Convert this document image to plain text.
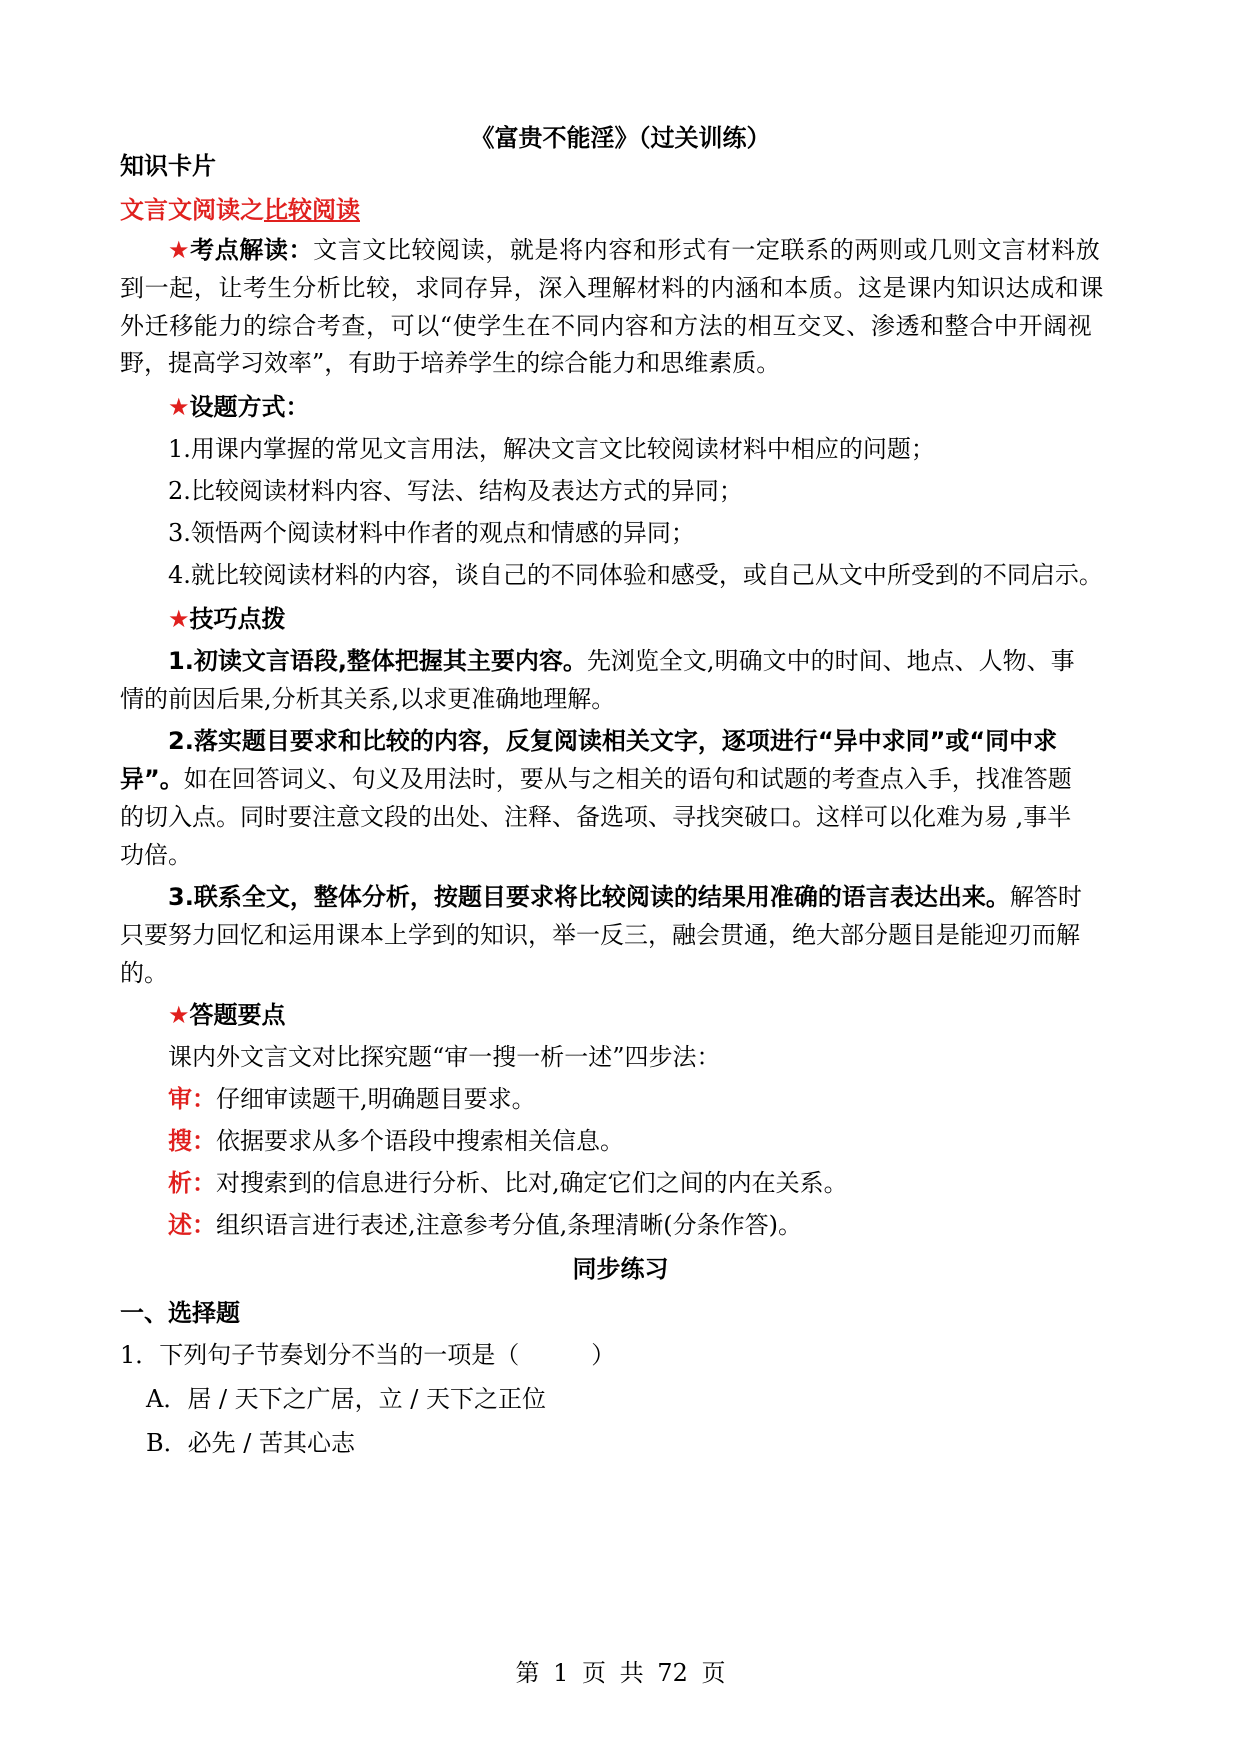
《富贵不能淫》（过关训练）
知识卡片
文言文阅读之比较阅读
★考点解读：文言文比较阅读，就是将内容和形式有一定联系的两则或几则文言材料放
到一起，让考生分析比较，求同存异，深入理解材料的内涵和本质。这是课内知识达成和课
外迁移能力的综合考查，可以“使学生在不同内容和方法的相互交叉、渗透和整合中开阔视
野，提高学习效率”，有助于培养学生的综合能力和思维素质。
★设题方式：
1.用课内掌握的常见文言用法，解决文言文比较阅读材料中相应的问题；
2.比较阅读材料内容、写法、结构及表达方式的异同；
3.领悟两个阅读材料中作者的观点和情感的异同；
4.就比较阅读材料的内容，谈自己的不同体验和感受，或自己从文中所受到的不同启示。
★技巧点拨
1.初读文言语段,整体把握其主要内容。先浏览全文,明确文中的时间、地点、人物、事
情的前因后果,分析其关系,以求更准确地理解。
2.落实题目要求和比较的内容，反复阅读相关文字，逐项进行“异中求同”或“同中求
异”。如在回答词义、句义及用法时，要从与之相关的语句和试题的考查点入手，找准答题
的切入点。同时要注意文段的出处、注释、备选项、寻找突破口。这样可以化难为易 ,事半
功倍。
3.联系全文，整体分析，按题目要求将比较阅读的结果用准确的语言表达出来。解答时
只要努力回忆和运用课本上学到的知识，举一反三，融会贯通，绝大部分题目是能迎刃而解
的。
★答题要点
课内外文言文对比探究题“审一搜一析一述”四步法：
审：仔细审读题干,明确题目要求。
搜：依据要求从多个语段中搜索相关信息。
析：对搜索到的信息进行分析、比对,确定它们之间的内在关系。
述：组织语言进行表述,注意参考分值,条理清晰(分条作答)。
同步练习
一、选择题
1．下列句子节奏划分不当的一项是（　　　）
A．居 / 天下之广居，立 / 天下之正位
B．必先 / 苦其心志
第 1 页 共 72 页
